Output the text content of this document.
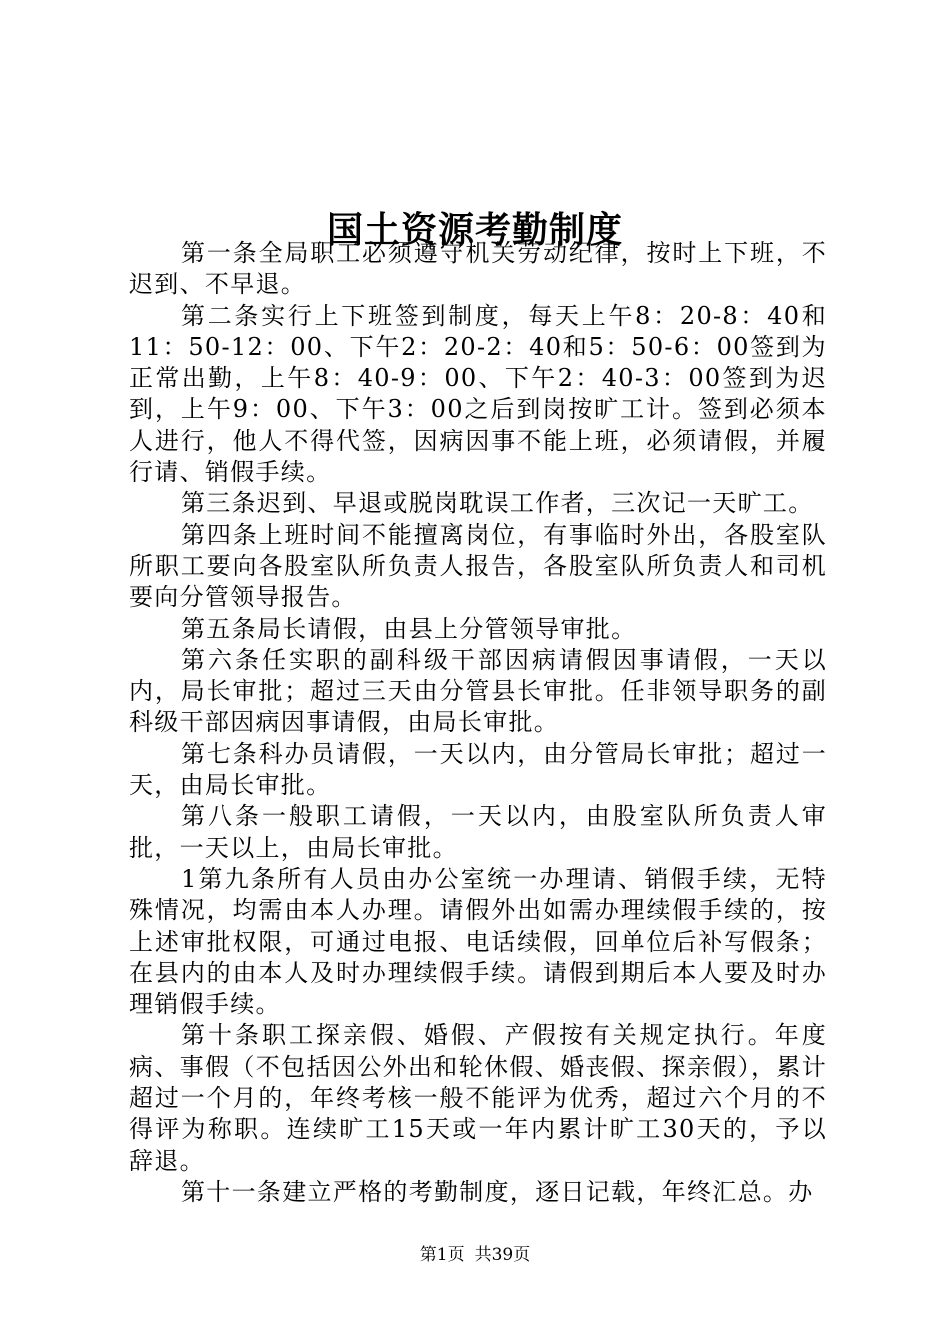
国土资源考勤制度

第一条全局职工必须遵守机关劳动纪律，按时上下班，不迟到、不早退。

第二条实行上下班签到制度，每天上午8：20-8：40和11：50-12：00、下午2：20-2：40和5：50-6：00签到为正常出勤，上午8：40-9：00、下午2：40-3：00签到为迟到，上午9：00、下午3：00之后到岗按旷工计。签到必须本人进行，他人不得代签，因病因事不能上班，必须请假，并履行请、销假手续。

第三条迟到、早退或脱岗耽误工作者，三次记一天旷工。

第四条上班时间不能擅离岗位，有事临时外出，各股室队所职工要向各股室队所负责人报告，各股室队所负责人和司机要向分管领导报告。

第五条局长请假，由县上分管领导审批。

第六条任实职的副科级干部因病请假因事请假，一天以内，局长审批；超过三天由分管县长审批。任非领导职务的副科级干部因病因事请假，由局长审批。

第七条科办员请假，一天以内，由分管局长审批；超过一天，由局长审批。

第八条一般职工请假，一天以内，由股室队所负责人审批，一天以上，由局长审批。

1第九条所有人员由办公室统一办理请、销假手续，无特殊情况，均需由本人办理。请假外出如需办理续假手续的，按上述审批权限，可通过电报、电话续假，回单位后补写假条；在县内的由本人及时办理续假手续。请假到期后本人要及时办理销假手续。

第十条职工探亲假、婚假、产假按有关规定执行。年度病、事假（不包括因公外出和轮休假、婚丧假、探亲假），累计超过一个月的，年终考核一般不能评为优秀，超过六个月的不得评为称职。连续旷工15天或一年内累计旷工30天的，予以辞退。

第十一条建立严格的考勤制度，逐日记载，年终汇总。办

第1页 共39页
